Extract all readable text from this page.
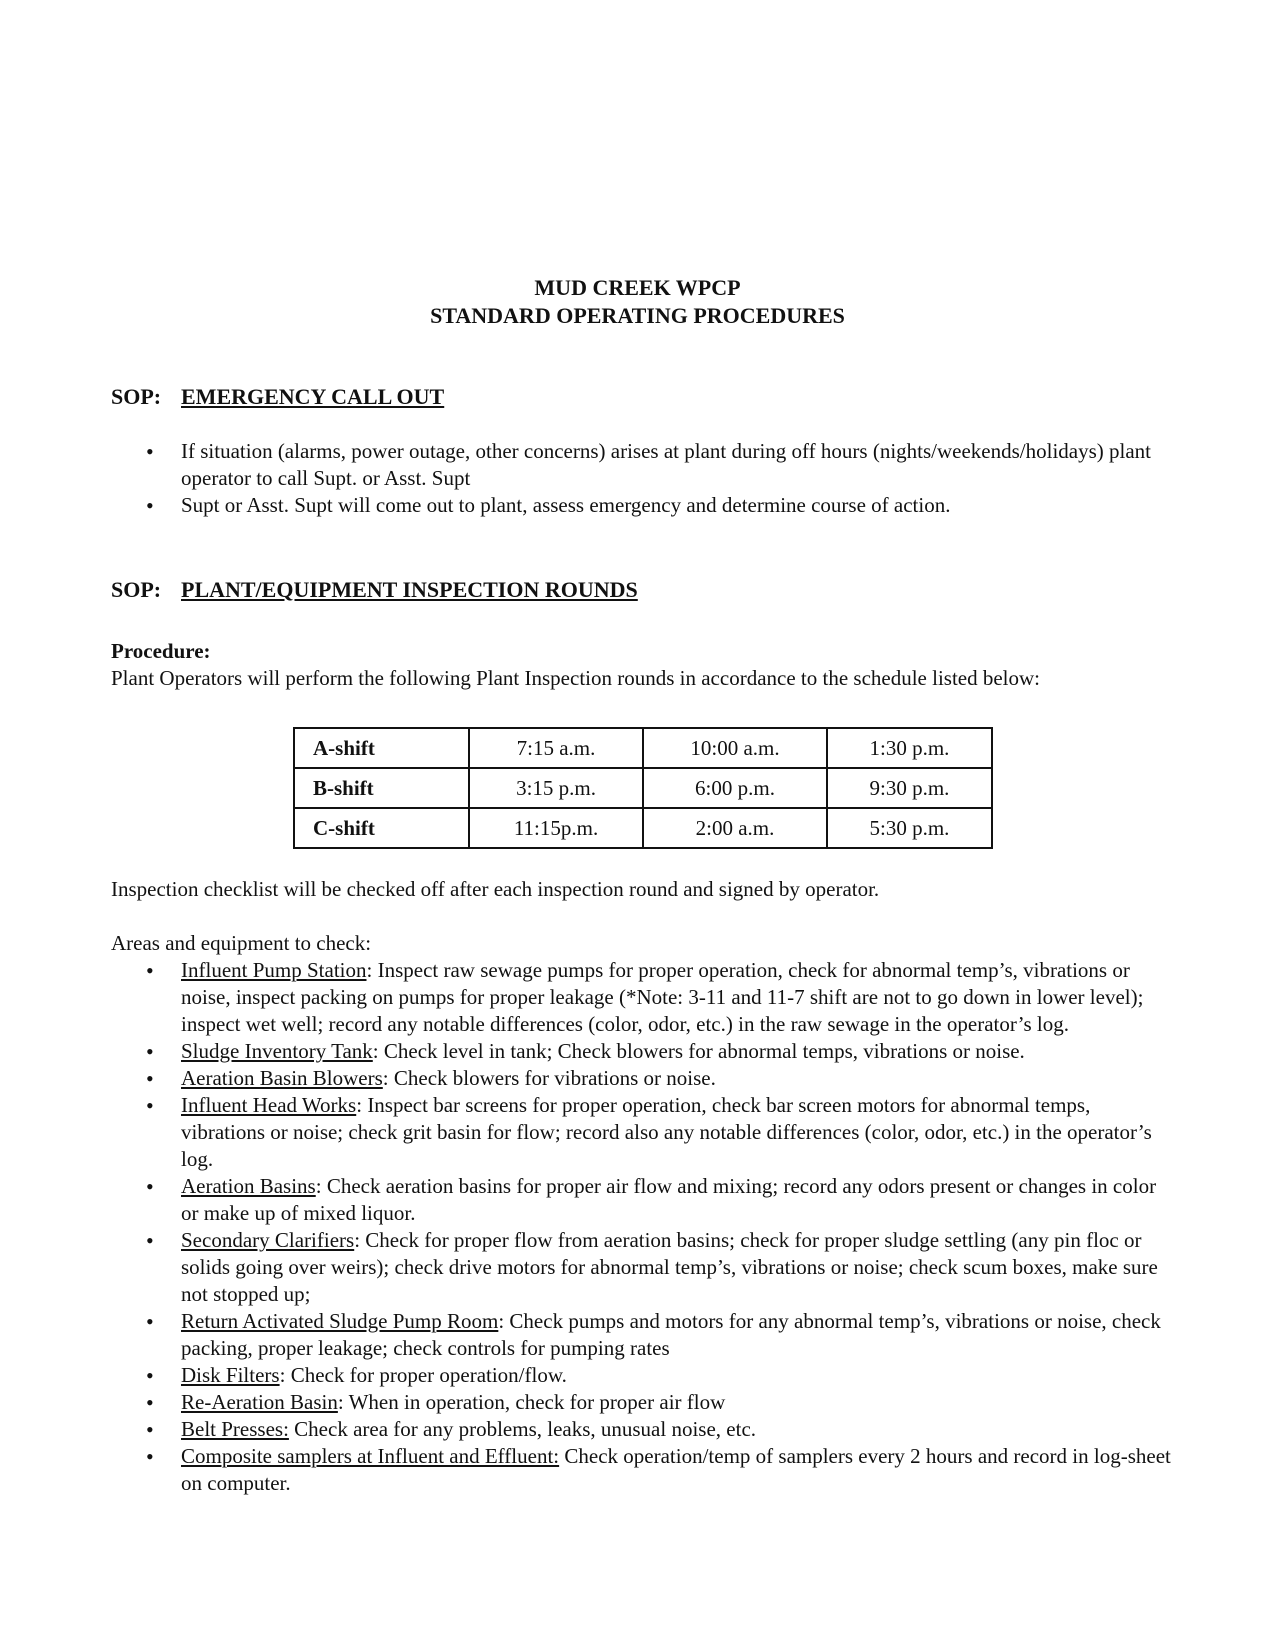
MUD CREEK WPCP
STANDARD OPERATING PROCEDURES
SOP: EMERGENCY CALL OUT
• If situation (alarms, power outage, other concerns) arises at plant during off hours (nights/weekends/holidays) plant operator to call Supt. or Asst. Supt
• Supt or Asst. Supt will come out to plant, assess emergency and determine course of action.
SOP: PLANT/EQUIPMENT INSPECTION ROUNDS
Procedure:
Plant Operators will perform the following Plant Inspection rounds in accordance to the schedule listed below:
A-shift	7:15 a.m.	10:00 a.m.	1:30 p.m.
B-shift	3:15 p.m.	6:00 p.m.	9:30 p.m.
C-shift	11:15p.m.	2:00 a.m.	5:30 p.m.
Inspection checklist will be checked off after each inspection round and signed by operator.
Areas and equipment to check:
• Influent Pump Station: Inspect raw sewage pumps for proper operation, check for abnormal temp’s, vibrations or noise, inspect packing on pumps for proper leakage (*Note: 3-11 and 11-7 shift are not to go down in lower level); inspect wet well; record any notable differences (color, odor, etc.) in the raw sewage in the operator’s log.
• Sludge Inventory Tank: Check level in tank; Check blowers for abnormal temps, vibrations or noise.
• Aeration Basin Blowers: Check blowers for vibrations or noise.
• Influent Head Works: Inspect bar screens for proper operation, check bar screen motors for abnormal temps, vibrations or noise; check grit basin for flow; record also any notable differences (color, odor, etc.) in the operator’s log.
• Aeration Basins: Check aeration basins for proper air flow and mixing; record any odors present or changes in color or make up of mixed liquor.
• Secondary Clarifiers: Check for proper flow from aeration basins; check for proper sludge settling (any pin floc or solids going over weirs); check drive motors for abnormal temp’s, vibrations or noise; check scum boxes, make sure not stopped up;
• Return Activated Sludge Pump Room: Check pumps and motors for any abnormal temp’s, vibrations or noise, check packing, proper leakage; check controls for pumping rates
• Disk Filters: Check for proper operation/flow.
• Re-Aeration Basin: When in operation, check for proper air flow
• Belt Presses: Check area for any problems, leaks, unusual noise, etc.
• Composite samplers at Influent and Effluent: Check operation/temp of samplers every 2 hours and record in log-sheet on computer.
